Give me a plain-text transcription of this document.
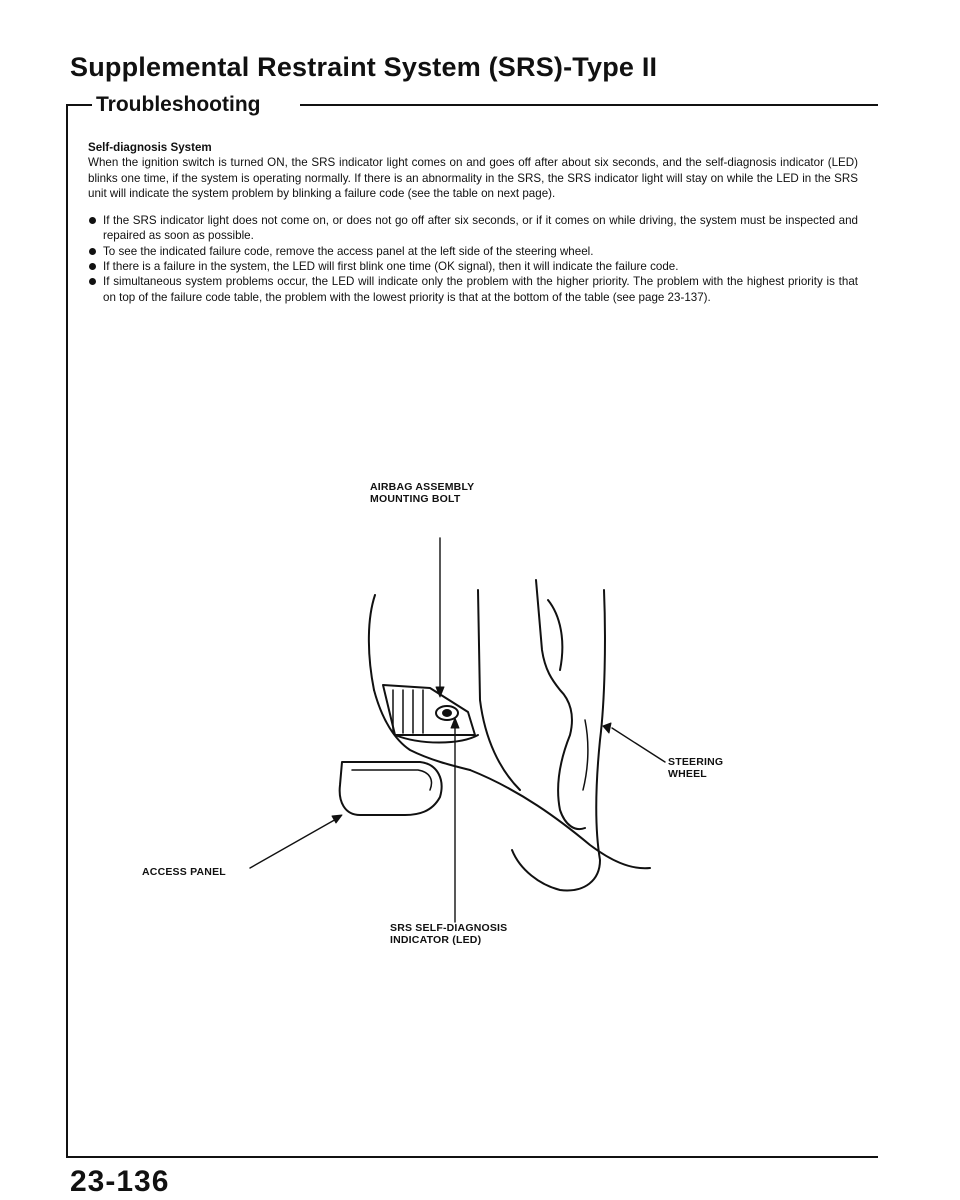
Supplemental Restraint System (SRS)-Type II
Troubleshooting

Self-diagnosis System

When the ignition switch is turned ON, the SRS indicator light comes on and goes off after about six seconds, and the self-diagnosis indicator (LED) blinks one time, if the system is operating normally. If there is an abnormality in the SRS, the SRS indicator light will stay on while the LED in the SRS unit will indicate the system problem by blinking a failure code (see the table on next page).

If the SRS indicator light does not come on, or does not go off after six seconds, or if it comes on while driving, the system must be inspected and repaired as soon as possible.
To see the indicated failure code, remove the access panel at the left side of the steering wheel.
If there is a failure in the system, the LED will first blink one time (OK signal), then it will indicate the failure code.
If simultaneous system problems occur, the LED will indicate only the problem with the higher priority. The problem with the highest priority is that on top of the failure code table, the problem with the lowest priority is that at the bottom of the table (see page 23-137).
AIRBAG ASSEMBLY
MOUNTING BOLT
STEERING
WHEEL
ACCESS PANEL
SRS SELF-DIAGNOSIS
INDICATOR (LED)
23-136
